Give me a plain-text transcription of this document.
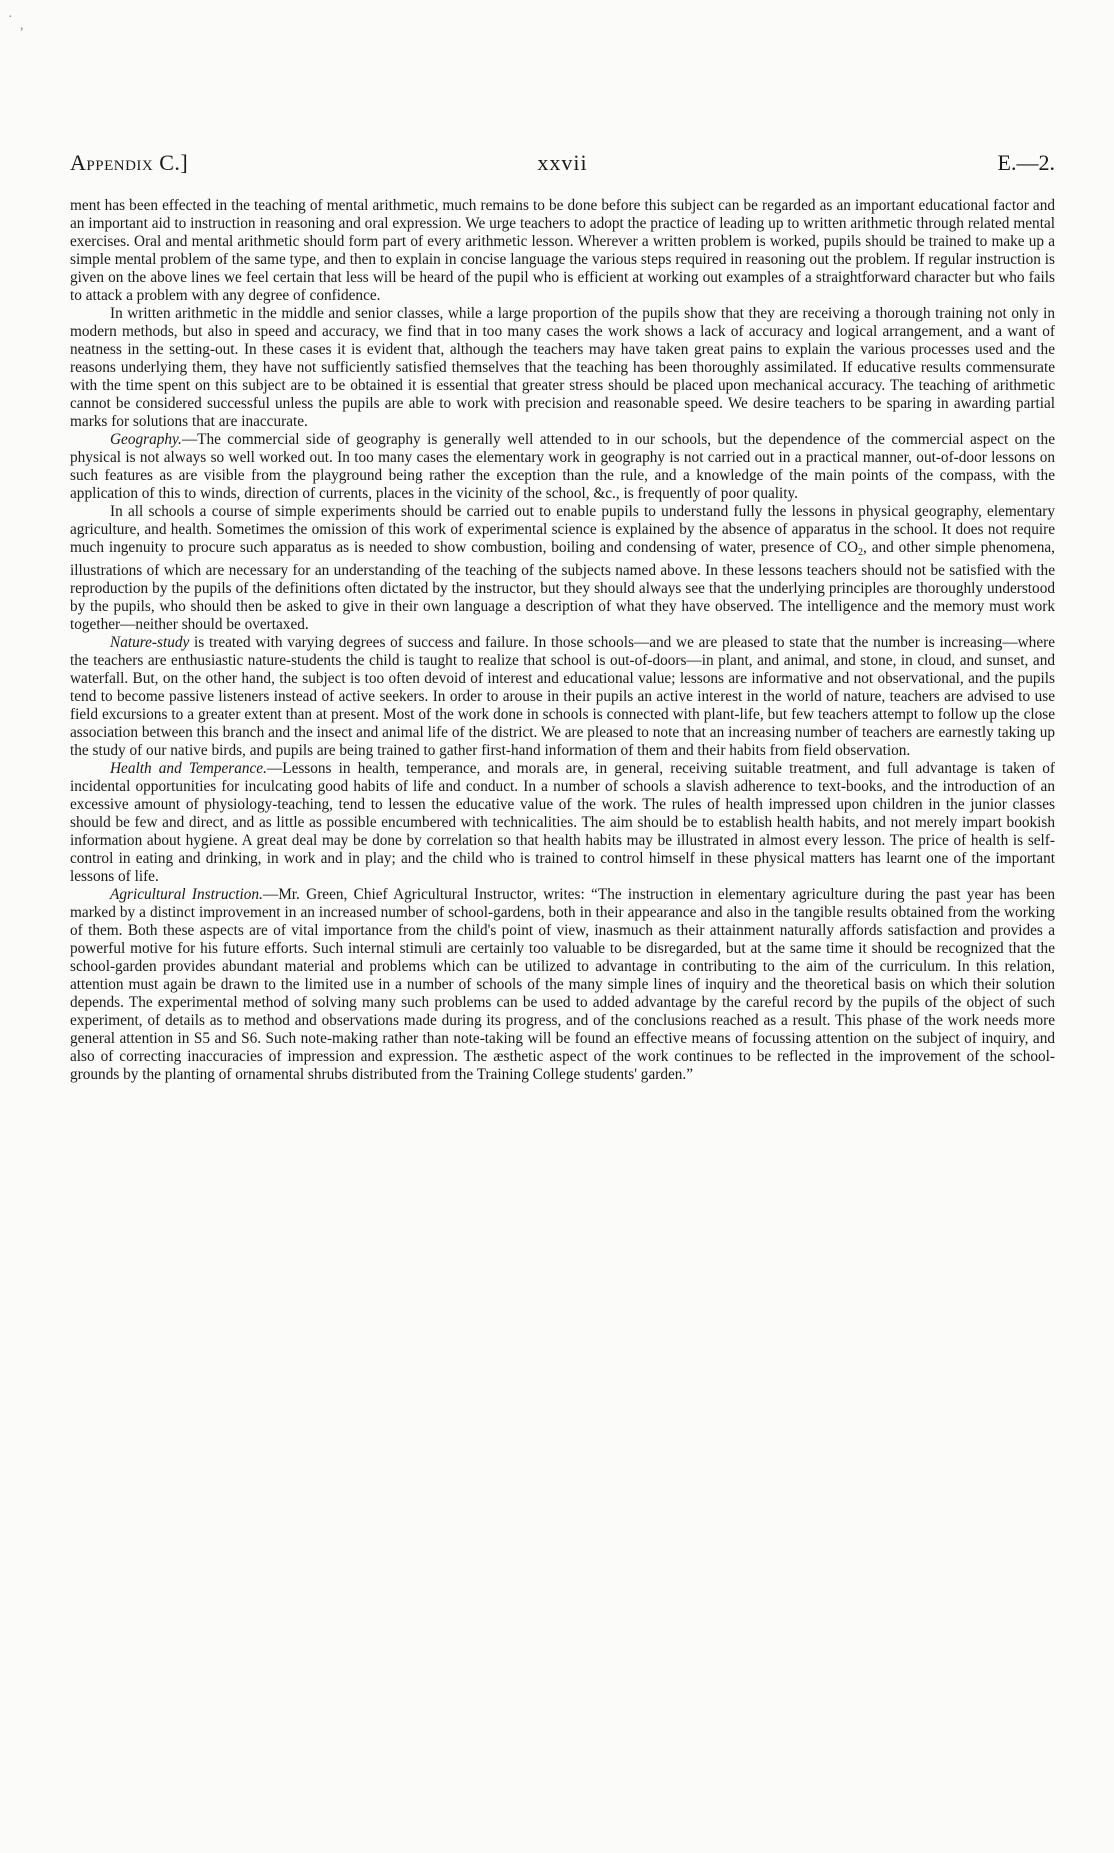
·
,
Appendix C.]	xxvii	E.—2.

ment has been effected in the teaching of mental arithmetic, much remains to be done before this subject can be regarded as an important educational factor and an important aid to instruction in reasoning and oral expression. We urge teachers to adopt the practice of leading up to written arithmetic through related mental exercises. Oral and mental arithmetic should form part of every arithmetic lesson. Wherever a written problem is worked, pupils should be trained to make up a simple mental problem of the same type, and then to explain in concise language the various steps required in reasoning out the problem. If regular instruction is given on the above lines we feel certain that less will be heard of the pupil who is efficient at working out examples of a straightforward character but who fails to attack a problem with any degree of confidence.

In written arithmetic in the middle and senior classes, while a large proportion of the pupils show that they are receiving a thorough training not only in modern methods, but also in speed and accuracy, we find that in too many cases the work shows a lack of accuracy and logical arrangement, and a want of neatness in the setting-out. In these cases it is evident that, although the teachers may have taken great pains to explain the various processes used and the reasons underlying them, they have not sufficiently satisfied themselves that the teaching has been thoroughly assimilated. If educative results commensurate with the time spent on this subject are to be obtained it is essential that greater stress should be placed upon mechanical accuracy. The teaching of arithmetic cannot be considered successful unless the pupils are able to work with precision and reasonable speed. We desire teachers to be sparing in awarding partial marks for solutions that are inaccurate.

Geography.—The commercial side of geography is generally well attended to in our schools, but the dependence of the commercial aspect on the physical is not always so well worked out. In too many cases the elementary work in geography is not carried out in a practical manner, out-of-door lessons on such features as are visible from the playground being rather the exception than the rule, and a knowledge of the main points of the compass, with the application of this to winds, direction of currents, places in the vicinity of the school, &c., is frequently of poor quality.

In all schools a course of simple experiments should be carried out to enable pupils to understand fully the lessons in physical geography, elementary agriculture, and health. Sometimes the omission of this work of experimental science is explained by the absence of apparatus in the school. It does not require much ingenuity to procure such apparatus as is needed to show combustion, boiling and condensing of water, presence of $CO_2$, and other simple phenomena, illustrations of which are necessary for an understanding of the teaching of the subjects named above. In these lessons teachers should not be satisfied with the reproduction by the pupils of the definitions often dictated by the instructor, but they should always see that the underlying principles are thoroughly understood by the pupils, who should then be asked to give in their own language a description of what they have observed. The intelligence and the memory must work together—neither should be overtaxed.

Nature-study is treated with varying degrees of success and failure. In those schools—and we are pleased to state that the number is increasing—where the teachers are enthusiastic nature-students the child is taught to realize that school is out-of-doors—in plant, and animal, and stone, in cloud, and sunset, and waterfall. But, on the other hand, the subject is too often devoid of interest and educational value; lessons are informative and not observational, and the pupils tend to become passive listeners instead of active seekers. In order to arouse in their pupils an active interest in the world of nature, teachers are advised to use field excursions to a greater extent than at present. Most of the work done in schools is connected with plant-life, but few teachers attempt to follow up the close association between this branch and the insect and animal life of the district. We are pleased to note that an increasing number of teachers are earnestly taking up the study of our native birds, and pupils are being trained to gather first-hand information of them and their habits from field observation.

Health and Temperance.—Lessons in health, temperance, and morals are, in general, receiving suitable treatment, and full advantage is taken of incidental opportunities for inculcating good habits of life and conduct. In a number of schools a slavish adherence to text-books, and the introduction of an excessive amount of physiology-teaching, tend to lessen the educative value of the work. The rules of health impressed upon children in the junior classes should be few and direct, and as little as possible encumbered with technicalities. The aim should be to establish health habits, and not merely impart bookish information about hygiene. A great deal may be done by correlation so that health habits may be illustrated in almost every lesson. The price of health is self-control in eating and drinking, in work and in play; and the child who is trained to control himself in these physical matters has learnt one of the important lessons of life.

Agricultural Instruction.—Mr. Green, Chief Agricultural Instructor, writes: “The instruction in elementary agriculture during the past year has been marked by a distinct improvement in an increased number of school-gardens, both in their appearance and also in the tangible results obtained from the working of them. Both these aspects are of vital importance from the child's point of view, inasmuch as their attainment naturally affords satisfaction and provides a powerful motive for his future efforts. Such internal stimuli are certainly too valuable to be disregarded, but at the same time it should be recognized that the school-garden provides abundant material and problems which can be utilized to advantage in contributing to the aim of the curriculum. In this relation, attention must again be drawn to the limited use in a number of schools of the many simple lines of inquiry and the theoretical basis on which their solution depends. The experimental method of solving many such problems can be used to added advantage by the careful record by the pupils of the object of such experiment, of details as to method and observations made during its progress, and of the conclusions reached as a result. This phase of the work needs more general attention in S5 and S6. Such note-making rather than note-taking will be found an effective means of focussing attention on the subject of inquiry, and also of correcting inaccuracies of impression and expression. The æsthetic aspect of the work continues to be reflected in the improvement of the school-grounds by the planting of ornamental shrubs distributed from the Training College students' garden.”
